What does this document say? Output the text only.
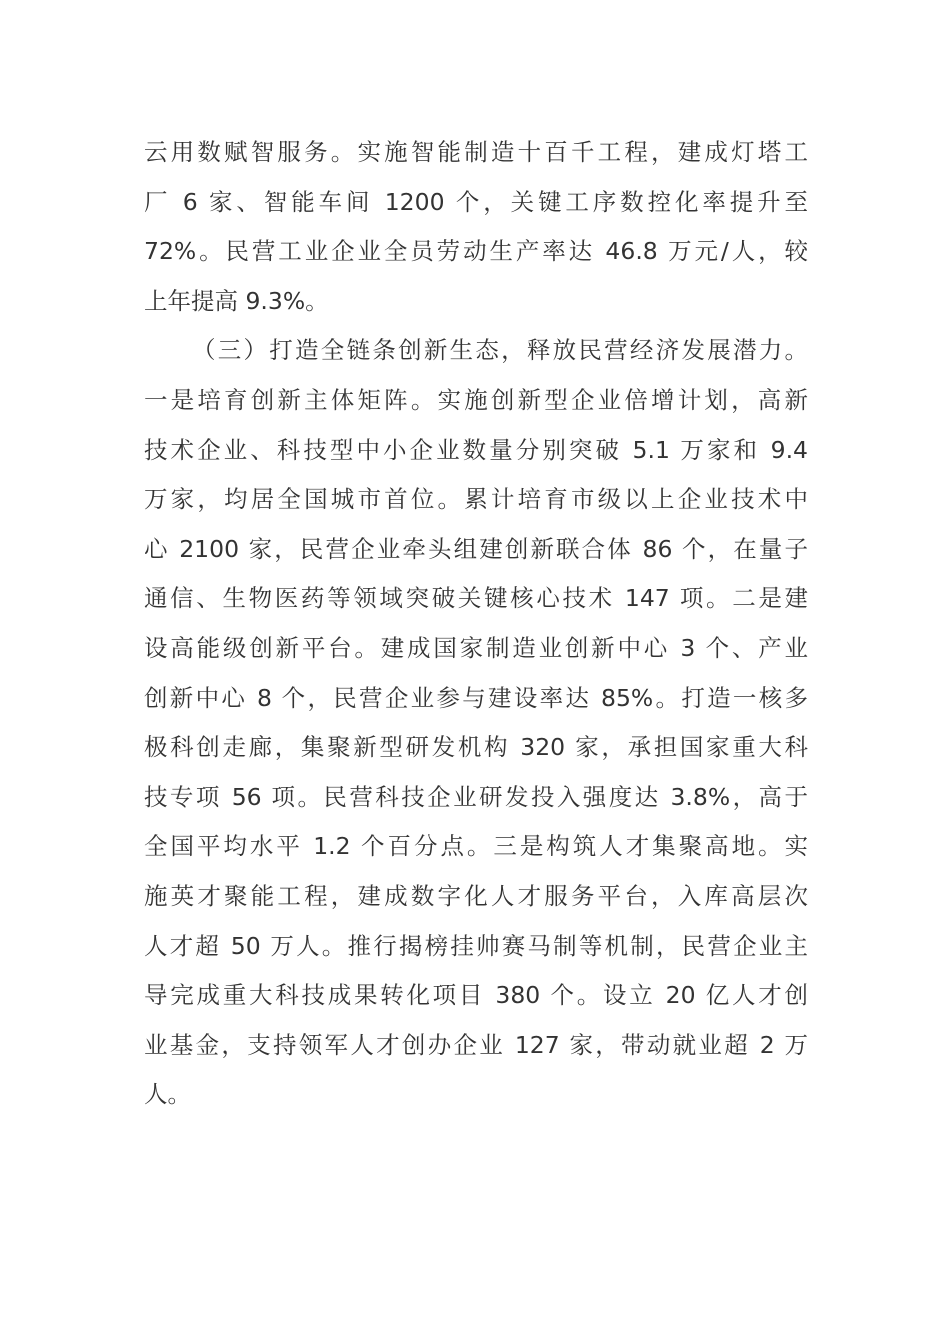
云用数赋智服务。实施智能制造十百千工程，建成灯塔工
厂 6 家、智能车间 1200 个，关键工序数控化率提升至
72%。民营工业企业全员劳动生产率达 46.8 万元/人，较
上年提高 9.3%。
（三）打造全链条创新生态，释放民营经济发展潜力。
一是培育创新主体矩阵。实施创新型企业倍增计划，高新
技术企业、科技型中小企业数量分别突破 5.1 万家和 9.4
万家，均居全国城市首位。累计培育市级以上企业技术中
心 2100 家，民营企业牵头组建创新联合体 86 个，在量子
通信、生物医药等领域突破关键核心技术 147 项。二是建
设高能级创新平台。建成国家制造业创新中心 3 个、产业
创新中心 8 个，民营企业参与建设率达 85%。打造一核多
极科创走廊，集聚新型研发机构 320 家，承担国家重大科
技专项 56 项。民营科技企业研发投入强度达 3.8%，高于
全国平均水平 1.2 个百分点。三是构筑人才集聚高地。实
施英才聚能工程，建成数字化人才服务平台，入库高层次
人才超 50 万人。推行揭榜挂帅赛马制等机制，民营企业主
导完成重大科技成果转化项目 380 个。设立 20 亿人才创
业基金，支持领军人才创办企业 127 家，带动就业超 2 万
人。
